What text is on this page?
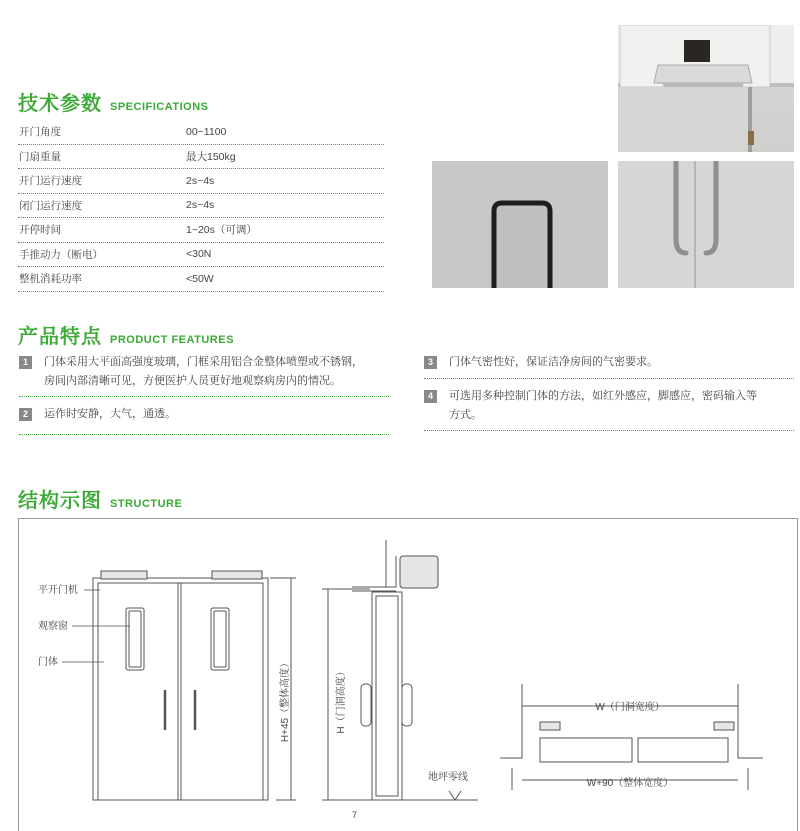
技术参数 SPECIFICATIONS
开门角度	00~1100
门扇重量	最大150kg
开门运行速度	2s~4s
闭门运行速度	2s~4s
开停时间	1~20s（可调）
手推动力（断电）	<30N
整机消耗功率	<50W
产品特点 PRODUCT FEATURES
1	门体采用大平面高强度玻璃，门框采用铝合金整体喷塑或不锈钢，
房间内部清晰可见，方便医护人员更好地观察病房内的情况。
2	运作时安静，大气，通透。
3	门体气密性好，保证洁净房间的气密要求。
4	可选用多种控制门体的方法，如红外感应，脚感应，密码输入等
方式。
结构示图 STRUCTURE
平开门机
观察窗
门体	H+45（整体高度）	H（门洞高度）
地坪零线
7
W（门洞宽度）
W+90（整体宽度）
